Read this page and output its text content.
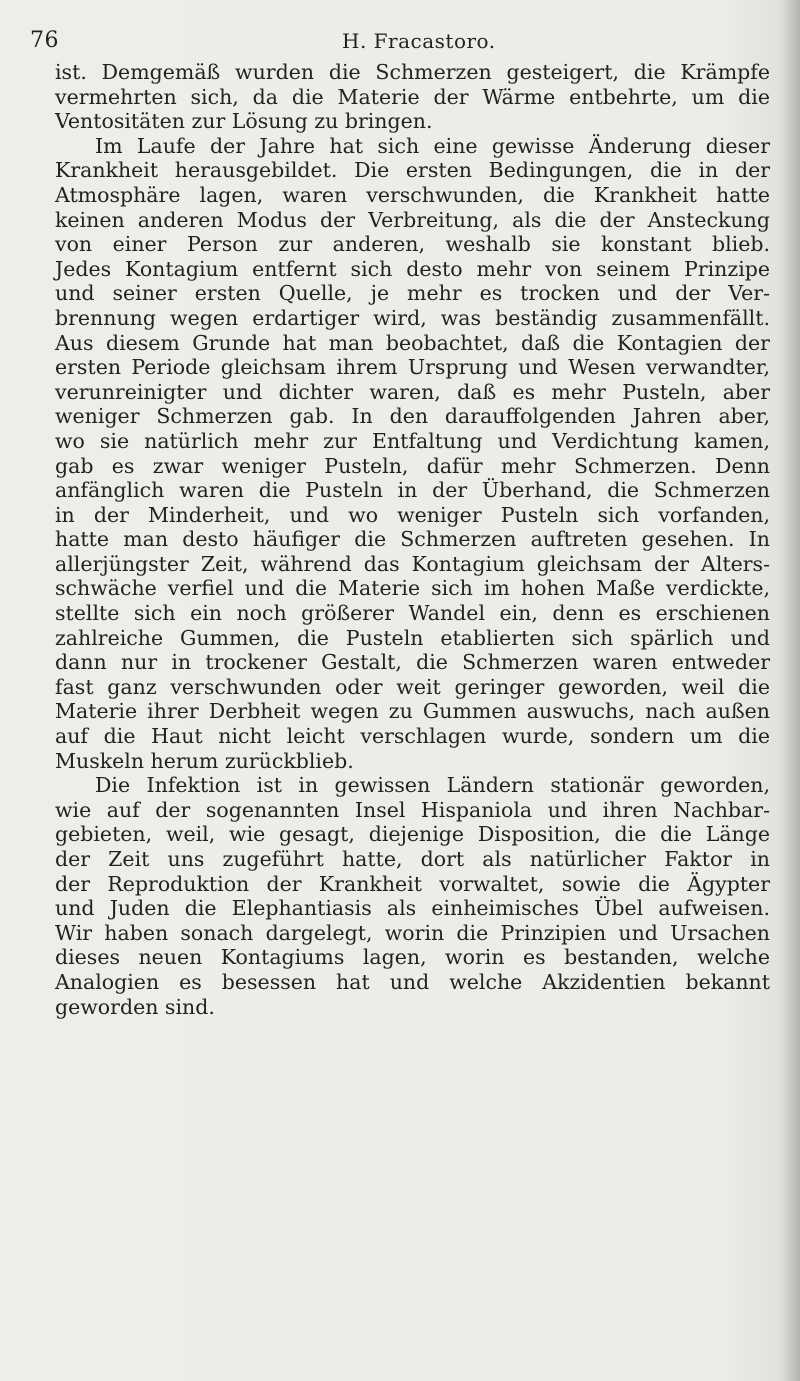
76	H. Fracastoro.
ist. Demgemäß wurden die Schmerzen gesteigert, die Krämpfe
vermehrten sich, da die Materie der Wärme entbehrte, um die
Ventositäten zur Lösung zu bringen.
Im Laufe der Jahre hat sich eine gewisse Änderung dieser
Krankheit herausgebildet. Die ersten Bedingungen, die in der
Atmosphäre lagen, waren verschwunden, die Krankheit hatte
keinen anderen Modus der Verbreitung, als die der Ansteckung
von einer Person zur anderen, weshalb sie konstant blieb.
Jedes Kontagium entfernt sich desto mehr von seinem Prinzipe
und seiner ersten Quelle, je mehr es trocken und der Ver-
brennung wegen erdartiger wird, was beständig zusammenfällt.
Aus diesem Grunde hat man beobachtet, daß die Kontagien der
ersten Periode gleichsam ihrem Ursprung und Wesen verwandter,
verunreinigter und dichter waren, daß es mehr Pusteln, aber
weniger Schmerzen gab. In den darauffolgenden Jahren aber,
wo sie natürlich mehr zur Entfaltung und Verdichtung kamen,
gab es zwar weniger Pusteln, dafür mehr Schmerzen. Denn
anfänglich waren die Pusteln in der Überhand, die Schmerzen
in der Minderheit, und wo weniger Pusteln sich vorfanden,
hatte man desto häufiger die Schmerzen auftreten gesehen. In
allerjüngster Zeit, während das Kontagium gleichsam der Alters-
schwäche verfiel und die Materie sich im hohen Maße verdickte,
stellte sich ein noch größerer Wandel ein, denn es erschienen
zahlreiche Gummen, die Pusteln etablierten sich spärlich und
dann nur in trockener Gestalt, die Schmerzen waren entweder
fast ganz verschwunden oder weit geringer geworden, weil die
Materie ihrer Derbheit wegen zu Gummen auswuchs, nach außen
auf die Haut nicht leicht verschlagen wurde, sondern um die
Muskeln herum zurückblieb.
Die Infektion ist in gewissen Ländern stationär geworden,
wie auf der sogenannten Insel Hispaniola und ihren Nachbar-
gebieten, weil, wie gesagt, diejenige Disposition, die die Länge
der Zeit uns zugeführt hatte, dort als natürlicher Faktor in
der Reproduktion der Krankheit vorwaltet, sowie die Ägypter
und Juden die Elephantiasis als einheimisches Übel aufweisen.
Wir haben sonach dargelegt, worin die Prinzipien und Ursachen
dieses neuen Kontagiums lagen, worin es bestanden, welche
Analogien es besessen hat und welche Akzidentien bekannt
geworden sind.
